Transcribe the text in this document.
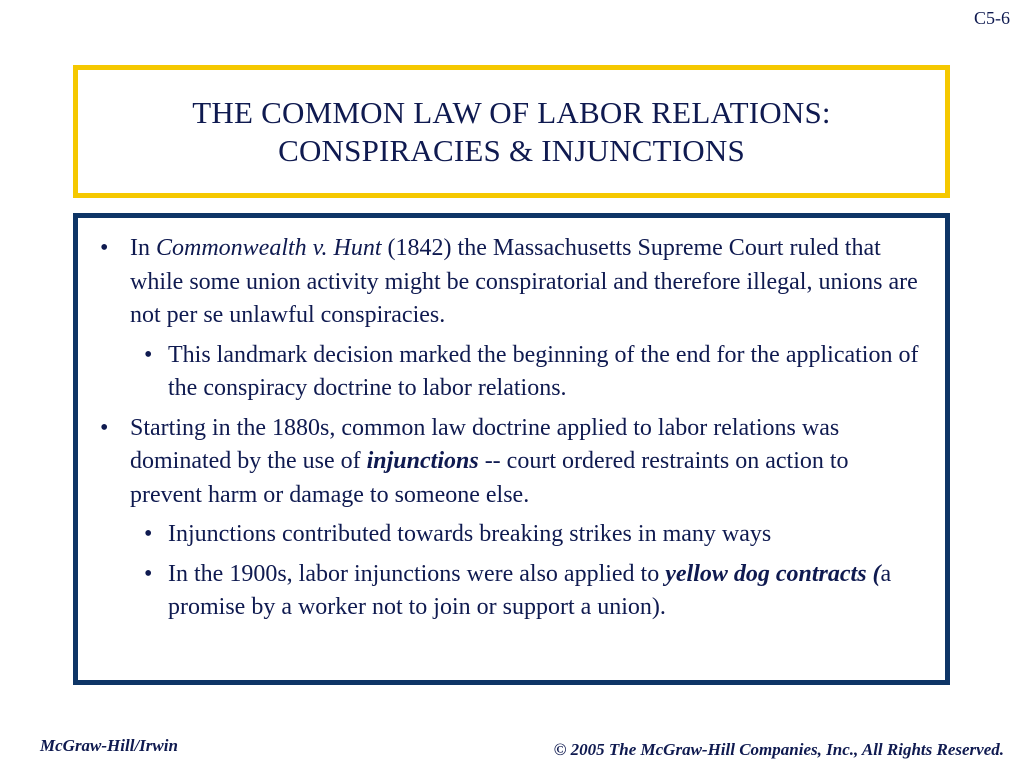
C5-6
THE COMMON LAW OF LABOR RELATIONS:
CONSPIRACIES & INJUNCTIONS
• In Commonwealth v. Hunt (1842) the Massachusetts Supreme Court ruled that while some union activity might be conspiratorial and therefore illegal, unions are not per se unlawful conspiracies.
• This landmark decision marked the beginning of the end for the application of the conspiracy doctrine to labor relations.
• Starting in the 1880s, common law doctrine applied to labor relations was dominated by the use of injunctions -- court ordered restraints on action to prevent harm or damage to someone else.
• Injunctions contributed towards breaking strikes in many ways
• In the 1900s, labor injunctions were also applied to yellow dog contracts (a promise by a worker not to join or support a union).
McGraw-Hill/Irwin	© 2005 The McGraw-Hill Companies, Inc., All Rights Reserved.
